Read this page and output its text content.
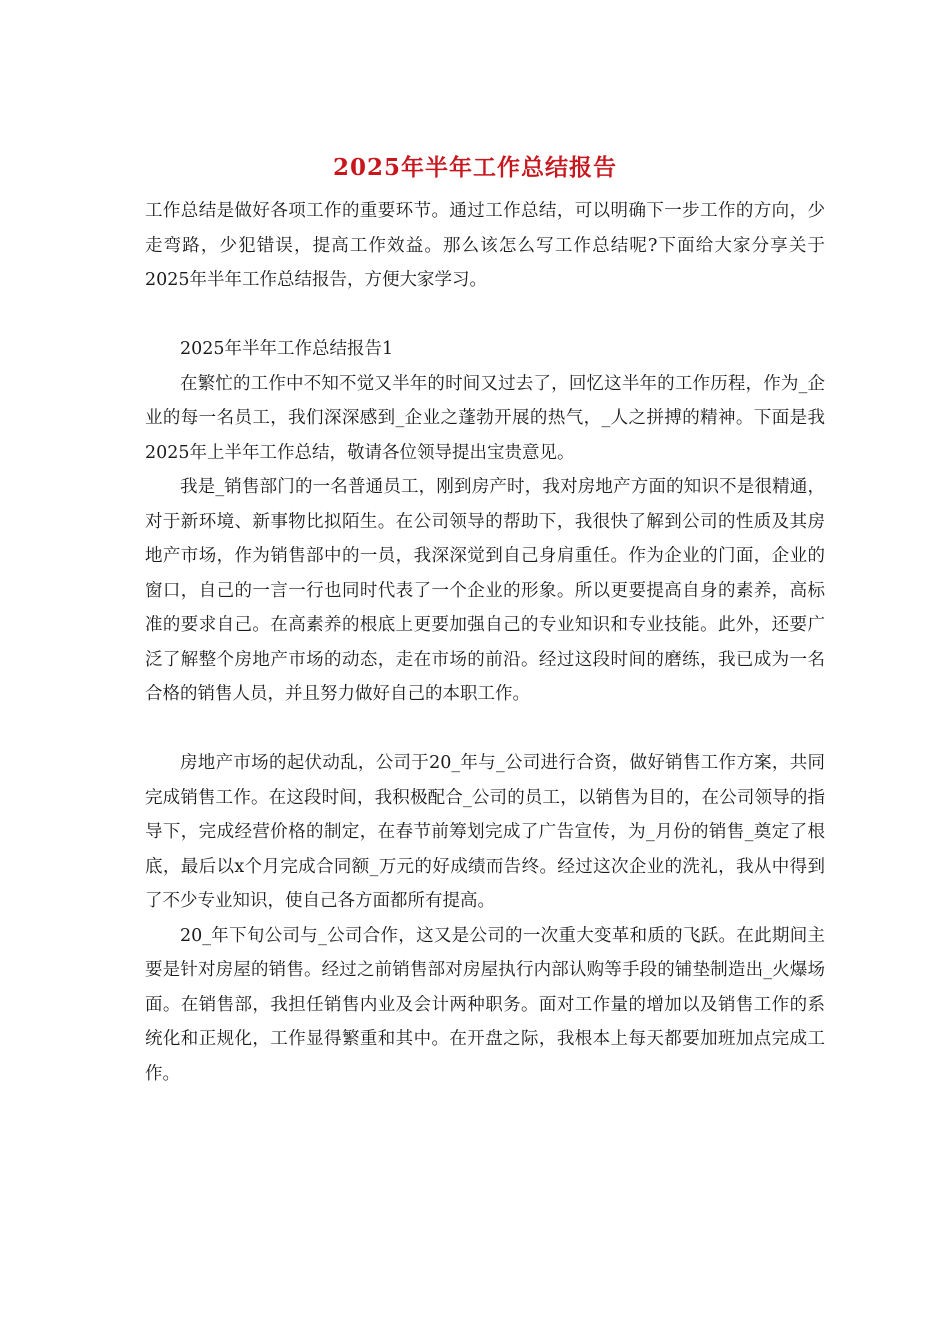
2025年半年工作总结报告

工作总结是做好各项工作的重要环节。通过工作总结，可以明确下一步工作的方向，少走弯路，少犯错误，提高工作效益。那么该怎么写工作总结呢?下面给大家分享关于2025年半年工作总结报告，方便大家学习。

2025年半年工作总结报告1

在繁忙的工作中不知不觉又半年的时间又过去了，回忆这半年的工作历程，作为_企业的每一名员工，我们深深感到_企业之蓬勃开展的热气，_人之拼搏的精神。下面是我2025年上半年工作总结，敬请各位领导提出宝贵意见。

我是_销售部门的一名普通员工，刚到房产时，我对房地产方面的知识不是很精通，对于新环境、新事物比拟陌生。在公司领导的帮助下，我很快了解到公司的性质及其房地产市场，作为销售部中的一员，我深深觉到自己身肩重任。作为企业的门面，企业的窗口，自己的一言一行也同时代表了一个企业的形象。所以更要提高自身的素养，高标准的要求自己。在高素养的根底上更要加强自己的专业知识和专业技能。此外，还要广泛了解整个房地产市场的动态，走在市场的前沿。经过这段时间的磨练，我已成为一名合格的销售人员，并且努力做好自己的本职工作。

房地产市场的起伏动乱，公司于20_年与_公司进行合资，做好销售工作方案，共同完成销售工作。在这段时间，我积极配合_公司的员工，以销售为目的，在公司领导的指导下，完成经营价格的制定，在春节前筹划完成了广告宣传，为_月份的销售_奠定了根底，最后以x个月完成合同额_万元的好成绩而告终。经过这次企业的洗礼，我从中得到了不少专业知识，使自己各方面都所有提高。

20_年下旬公司与_公司合作，这又是公司的一次重大变革和质的飞跃。在此期间主要是针对房屋的销售。经过之前销售部对房屋执行内部认购等手段的铺垫制造出_火爆场面。在销售部，我担任销售内业及会计两种职务。面对工作量的增加以及销售工作的系统化和正规化，工作显得繁重和其中。在开盘之际，我根本上每天都要加班加点完成工作。
